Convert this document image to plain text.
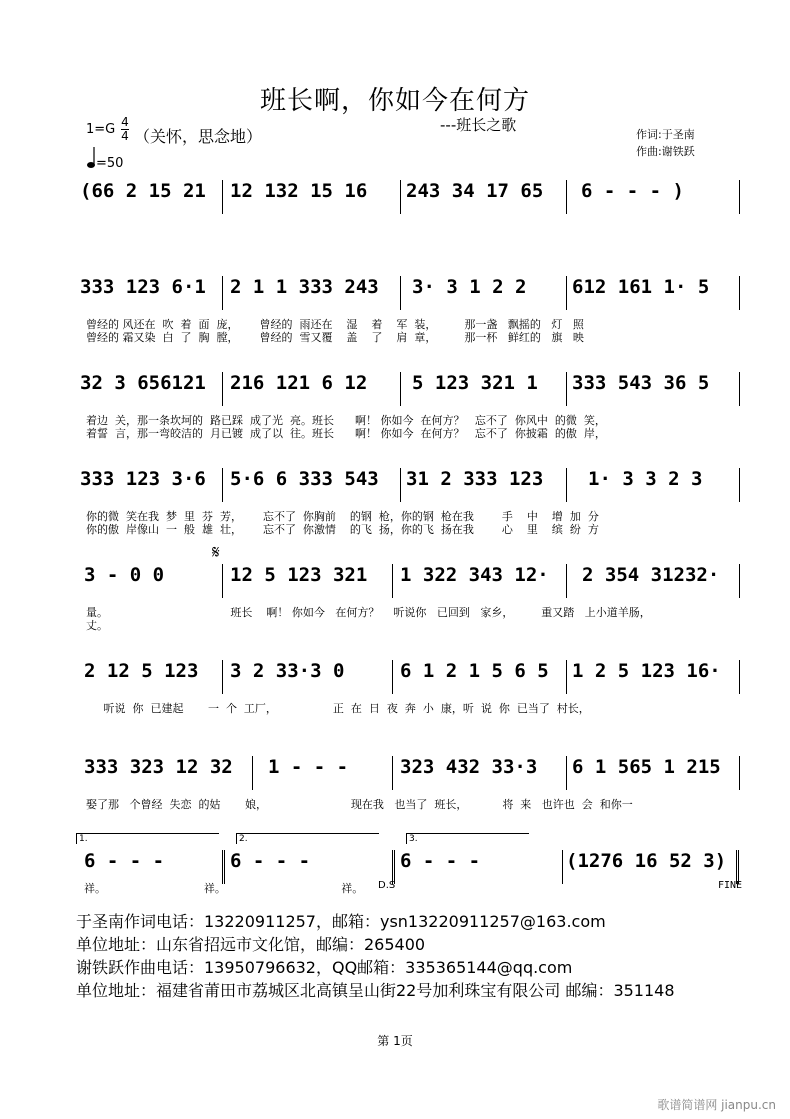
班长啊，你如今在何方
---班长之歌
1=G 4
4 （关怀，思念地）
=50
作词:于圣南
作曲:谢铁跃

(66 2 15 21

12 132 15 16

243 34 17 65

6 - - - )

333 123 6·1

2 1 1 333 243

3· 3 1 2 2

612 161 1· 5

曾经的 风还在  吹  着  面  庞，      曾经的  雨还在    湿    着    军  装，        那一盏   飘摇的   灯   照
曾经的 霜又染  白  了  胸  膛，      曾经的  雪又覆    盖    了    肩  章，        那一杯   鲜红的   旗   映

32 3 656121

216 121 6 12

5 123 321 1

333 543 36 5

着边  关，那一条坎坷的  路已踩  成了光  亮。班长      啊！ 你如今  在何方？   忘不了  你风中  的微  笑，
着誓  言，那一弯皎洁的  月已镀  成了以  往。班长      啊！ 你如今  在何方？   忘不了  你披霜  的傲  岸，

333 123 3·6

5·6 6 333 543

31 2 333 123

1· 3 3 2 3

你的微  笑在我  梦  里  芬  芳，      忘不了  你胸前    的钢  枪，你的钢  枪在我        手    中    增  加  分
你的傲  岸像山  一  般  雄  壮，      忘不了  你激情    的飞  扬，你的飞  扬在我        心    里    缤  纷  方
𝄋

3 - 0 0

	12 5 123 321

1 322 343 12·

2 354 31232·

量。                                   班长    啊！ 你如今   在何方？    听说你   已回到   家乡，        重又踏   上小道羊肠，
丈。

2 12 5 123

3 2 33·3 0

	6 1 2 1 5 6 5

1 2 5 123 16·

听说  你  已建起       一  个  工厂，                正  在  日  夜  奔  小  康，听  说  你  已当了  村长，

333 323 12 32

1 - - -

	323 432 33·3

6 1 565 1 215

娶了那   个曾经  失恋  的姑       娘，                        现在我   也当了  班长，          将  来   也许也  会  和你一
1.	2.	3.

6 - - -

	6 - - -

	6 - - -

	(1276 16 52 3)

祥。                            祥。                                 祥。	D.S	FINE
于圣南作词电话：13220911257，邮箱：ysn13220911257@163.com
单位地址：山东省招远市文化馆，邮编：265400
谢铁跃作曲电话：13950796632，QQ邮箱：335365144@qq.com
单位地址：福建省莆田市荔城区北高镇呈山街22号加利珠宝有限公司 邮编：351148
第 1页
歌谱简谱网 jianpu.cn
